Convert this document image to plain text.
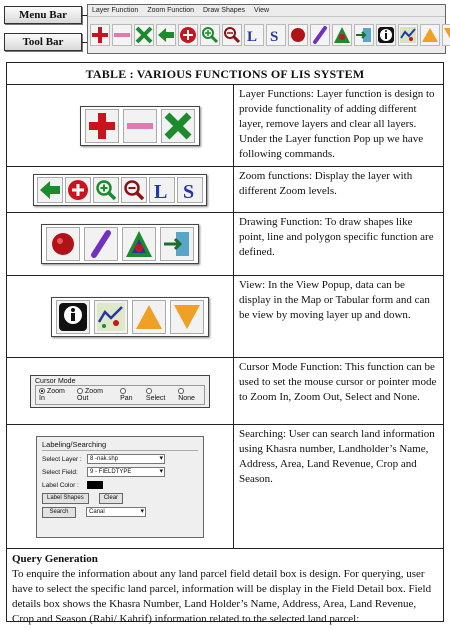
Menu Bar
Tool Bar
Layer Function Zoom Function Draw Shapes View
L S
TABLE : VARIOUS FUNCTIONS OF LIS SYSTEM
Layer Functions: Layer function is design to provide functionality of adding different layer, remove layers and clear all layers. Under the Layer function Pop up we have following commands.
L S
Zoom functions: Display the layer with different Zoom levels.
Drawing Function: To draw shapes like point, line and polygon specific function are defined.
View: In the View Popup, data can be display in the Map or Tabular form and can be view by moving layer up and down.
Cursor Mode
Zoom In
Zoom Out	Pan	Select	None
Cursor Mode Function: This function can be used to set the mouse cursor or pointer mode to Zoom In, Zoom Out, Select and None.
Labeling/Searching
Select Layer :	8 -nak.shp ▾
Select Field:	9 - FIELDTYPE ▾
Label Color :
Label Shapes	Clear
Search	Canal ▾
Searching: User can search land information using Khasra number, Landholder’s Name, Address, Area, Land Revenue, Crop and Season.
Query Generation
To enquire the information about any land parcel field detail box is design. For querying, user have to select the specific land parcel, information will be display in the Field Detail box. Field details box shows the Khasra Number, Land Holder’s Name, Address, Area, Land Revenue, Crop and Season (Rabi/ Kahrif) information related to the selected land parcel:
